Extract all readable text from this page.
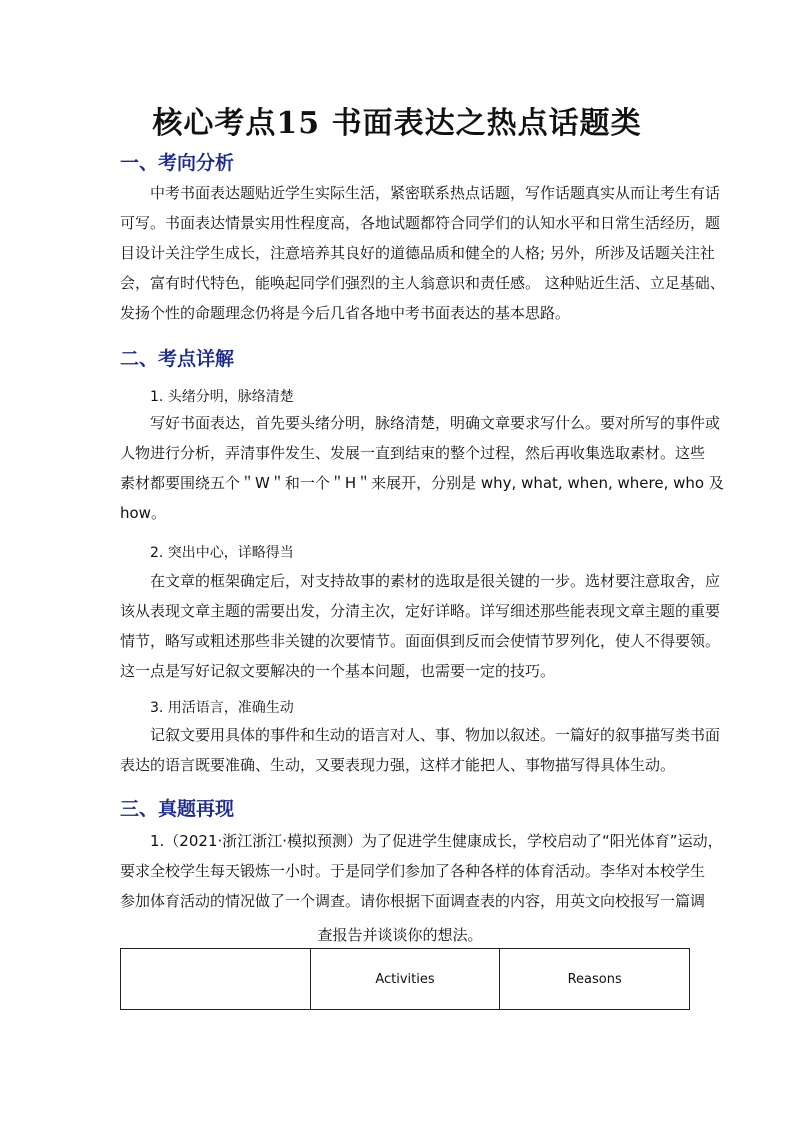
核心考点15 书面表达之热点话题类
一、考向分析
中考书面表达题贴近学生实际生活，紧密联系热点话题，写作话题真实从而让考生有话
可写。书面表达情景实用性程度高，各地试题都符合同学们的认知水平和日常生活经历，题
目设计关注学生成长，注意培养其良好的道德品质和健全的人格; 另外，所涉及话题关注社
会，富有时代特色，能唤起同学们强烈的主人翁意识和责任感。 这种贴近生活、立足基础、
发扬个性的命题理念仍将是今后几省各地中考书面表达的基本思路。
二、考点详解
1. 头绪分明，脉络清楚
写好书面表达，首先要头绪分明，脉络清楚，明确文章要求写什么。要对所写的事件或
人物进行分析，弄清事件发生、发展一直到结束的整个过程，然后再收集选取素材。这些
素材都要围绕五个＂W＂和一个＂H＂来展开，分别是 why, what, when, where, who 及
how。
2. 突出中心，详略得当
在文章的框架确定后，对支持故事的素材的选取是很关键的一步。选材要注意取舍，应
该从表现文章主题的需要出发，分清主次，定好详略。详写细述那些能表现文章主题的重要
情节，略写或粗述那些非关键的次要情节。面面俱到反而会使情节罗列化，使人不得要领。
这一点是写好记叙文要解决的一个基本问题，也需要一定的技巧。
3. 用活语言，准确生动
记叙文要用具体的事件和生动的语言对人、事、物加以叙述。一篇好的叙事描写类书面
表达的语言既要准确、生动，又要表现力强，这样才能把人、事物描写得具体生动。
三、真题再现
1.（2021·浙江浙江·模拟预测）为了促进学生健康成长，学校启动了“阳光体育”运动，
要求全校学生每天锻炼一小时。于是同学们参加了各种各样的体育活动。李华对本校学生
参加体育活动的情况做了一个调查。请你根据下面调查表的内容，用英文向校报写一篇调
查报告并谈谈你的想法。
	Activities	Reasons
